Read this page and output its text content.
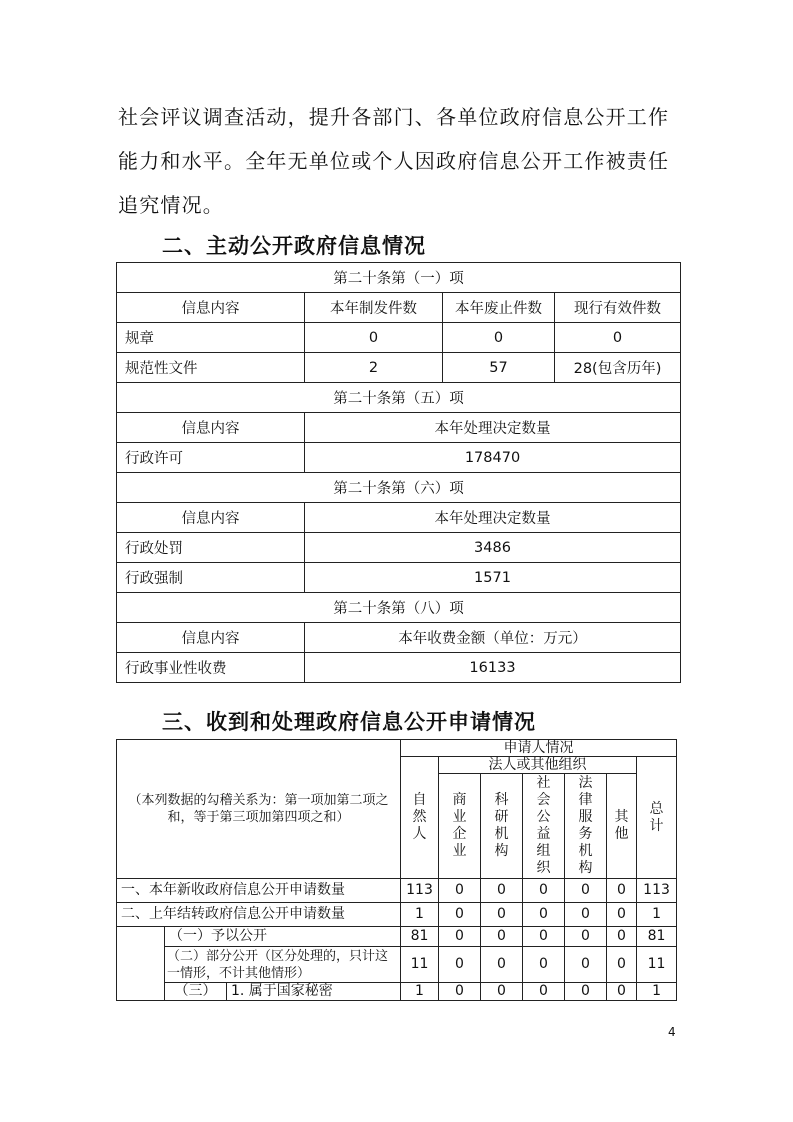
社会评议调查活动，提升各部门、各单位政府信息公开工作
能力和水平。全年无单位或个人因政府信息公开工作被责任
追究情况。
二、主动公开政府信息情况
第二十条第（一）项			
信息内容	本年制发件数	本年废止件数	现行有效件数
规章	0	0	0
规范性文件	2	57	28(包含历年)
第二十条第（五）项			
信息内容	本年处理决定数量		
行政许可	178470		
第二十条第（六）项			
信息内容	本年处理决定数量		
行政处罚	3486		
行政强制	1571		
第二十条第（八）项			
信息内容	本年收费金额（单位：万元）		
行政事业性收费	16133		
三、收到和处理政府信息公开申请情况
（本列数据的勾稽关系为：第一项加第二项之和，等于第三项加第四项之和）			申请人情况						
			自然人	法人或其他组织					总计
				商业企业	科研机构	社会公益组织	法律服务机构	其他	
一、本年新收政府信息公开申请数量			113	0	0	0	0	0	113
二、上年结转政府信息公开申请数量			1	0	0	0	0	0	1
	（一）予以公开		81	0	0	0	0	0	81
	（二）部分公开（区分处理的，只计这一情形，不计其他情形）		11	0	0	0	0	0	11
	（三）	1. 属于国家秘密	1	0	0	0	0	0	1
4
